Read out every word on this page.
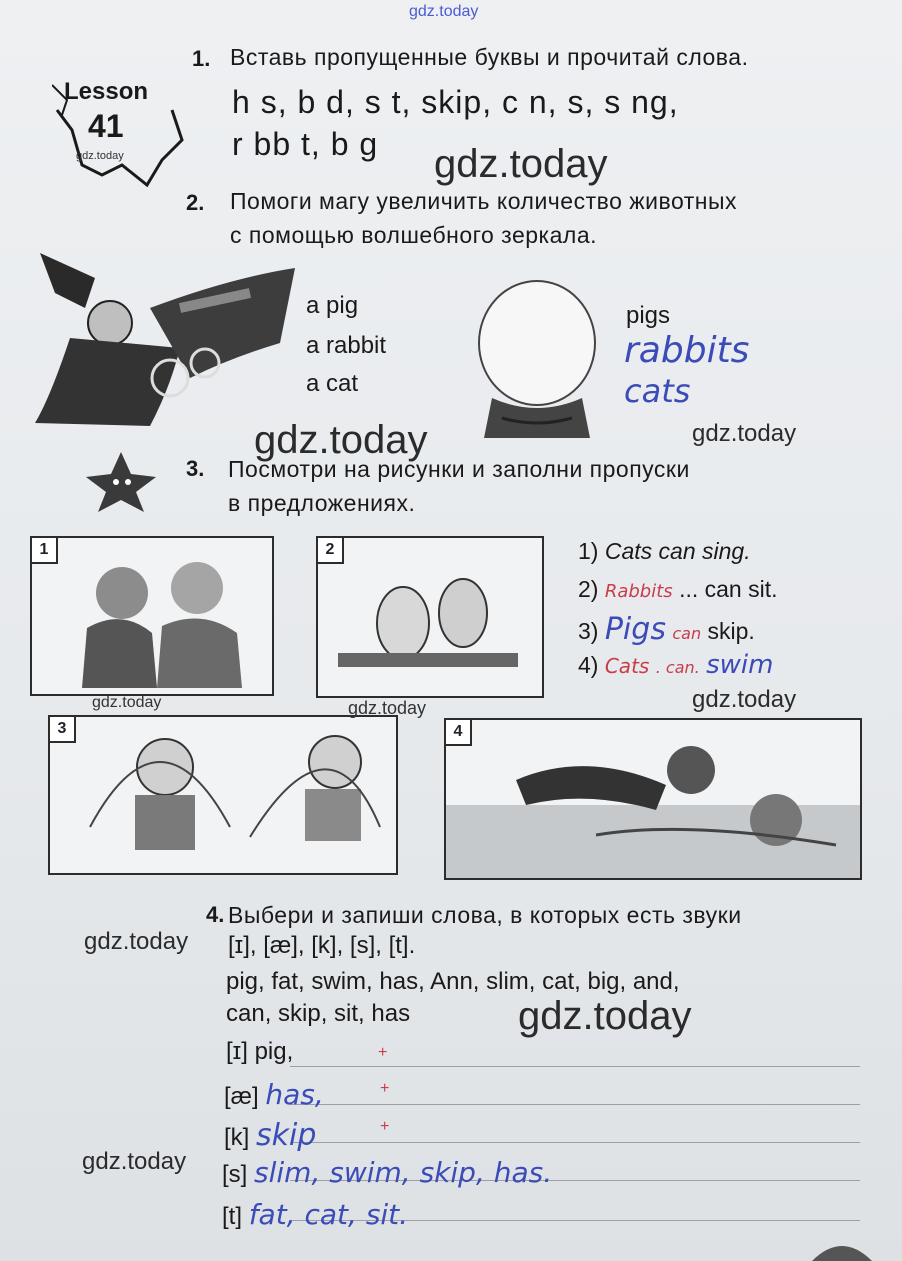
gdz.today
Lesson
41
gdz.today
1. Вставь пропущенные буквы и прочитай слова.
h s, b d, s t, skip, c n, s, s ng,
r bb t, b g gdz.today
2. Помоги магу увеличить количество животных
с помощью волшебного зеркала.
a pig
a rabbit
a cat
pigs
rabbits
cats
gdz.today	gdz.today
3. Посмотри на рисунки и заполни пропуски
в предложениях.
1	2
3	4
1) Cats can sing.
2) Rabbits ... can sit.
3) Pigs can skip.
4) Cats . can. swim
gdz.today
gdz.today	gdz.today
4. Выбери и запиши слова, в которых есть звуки
[ɪ], [æ], [k], [s], [t].
gdz.today
pig, fat, swim, has, Ann, slim, cat, big, and,
can, skip, sit, has	gdz.today
[ɪ] pig,	+
[æ] has,	+
[k] skip	+
gdz.today [s] slim, swim, skip, has.
[t] fat, cat, sit.
